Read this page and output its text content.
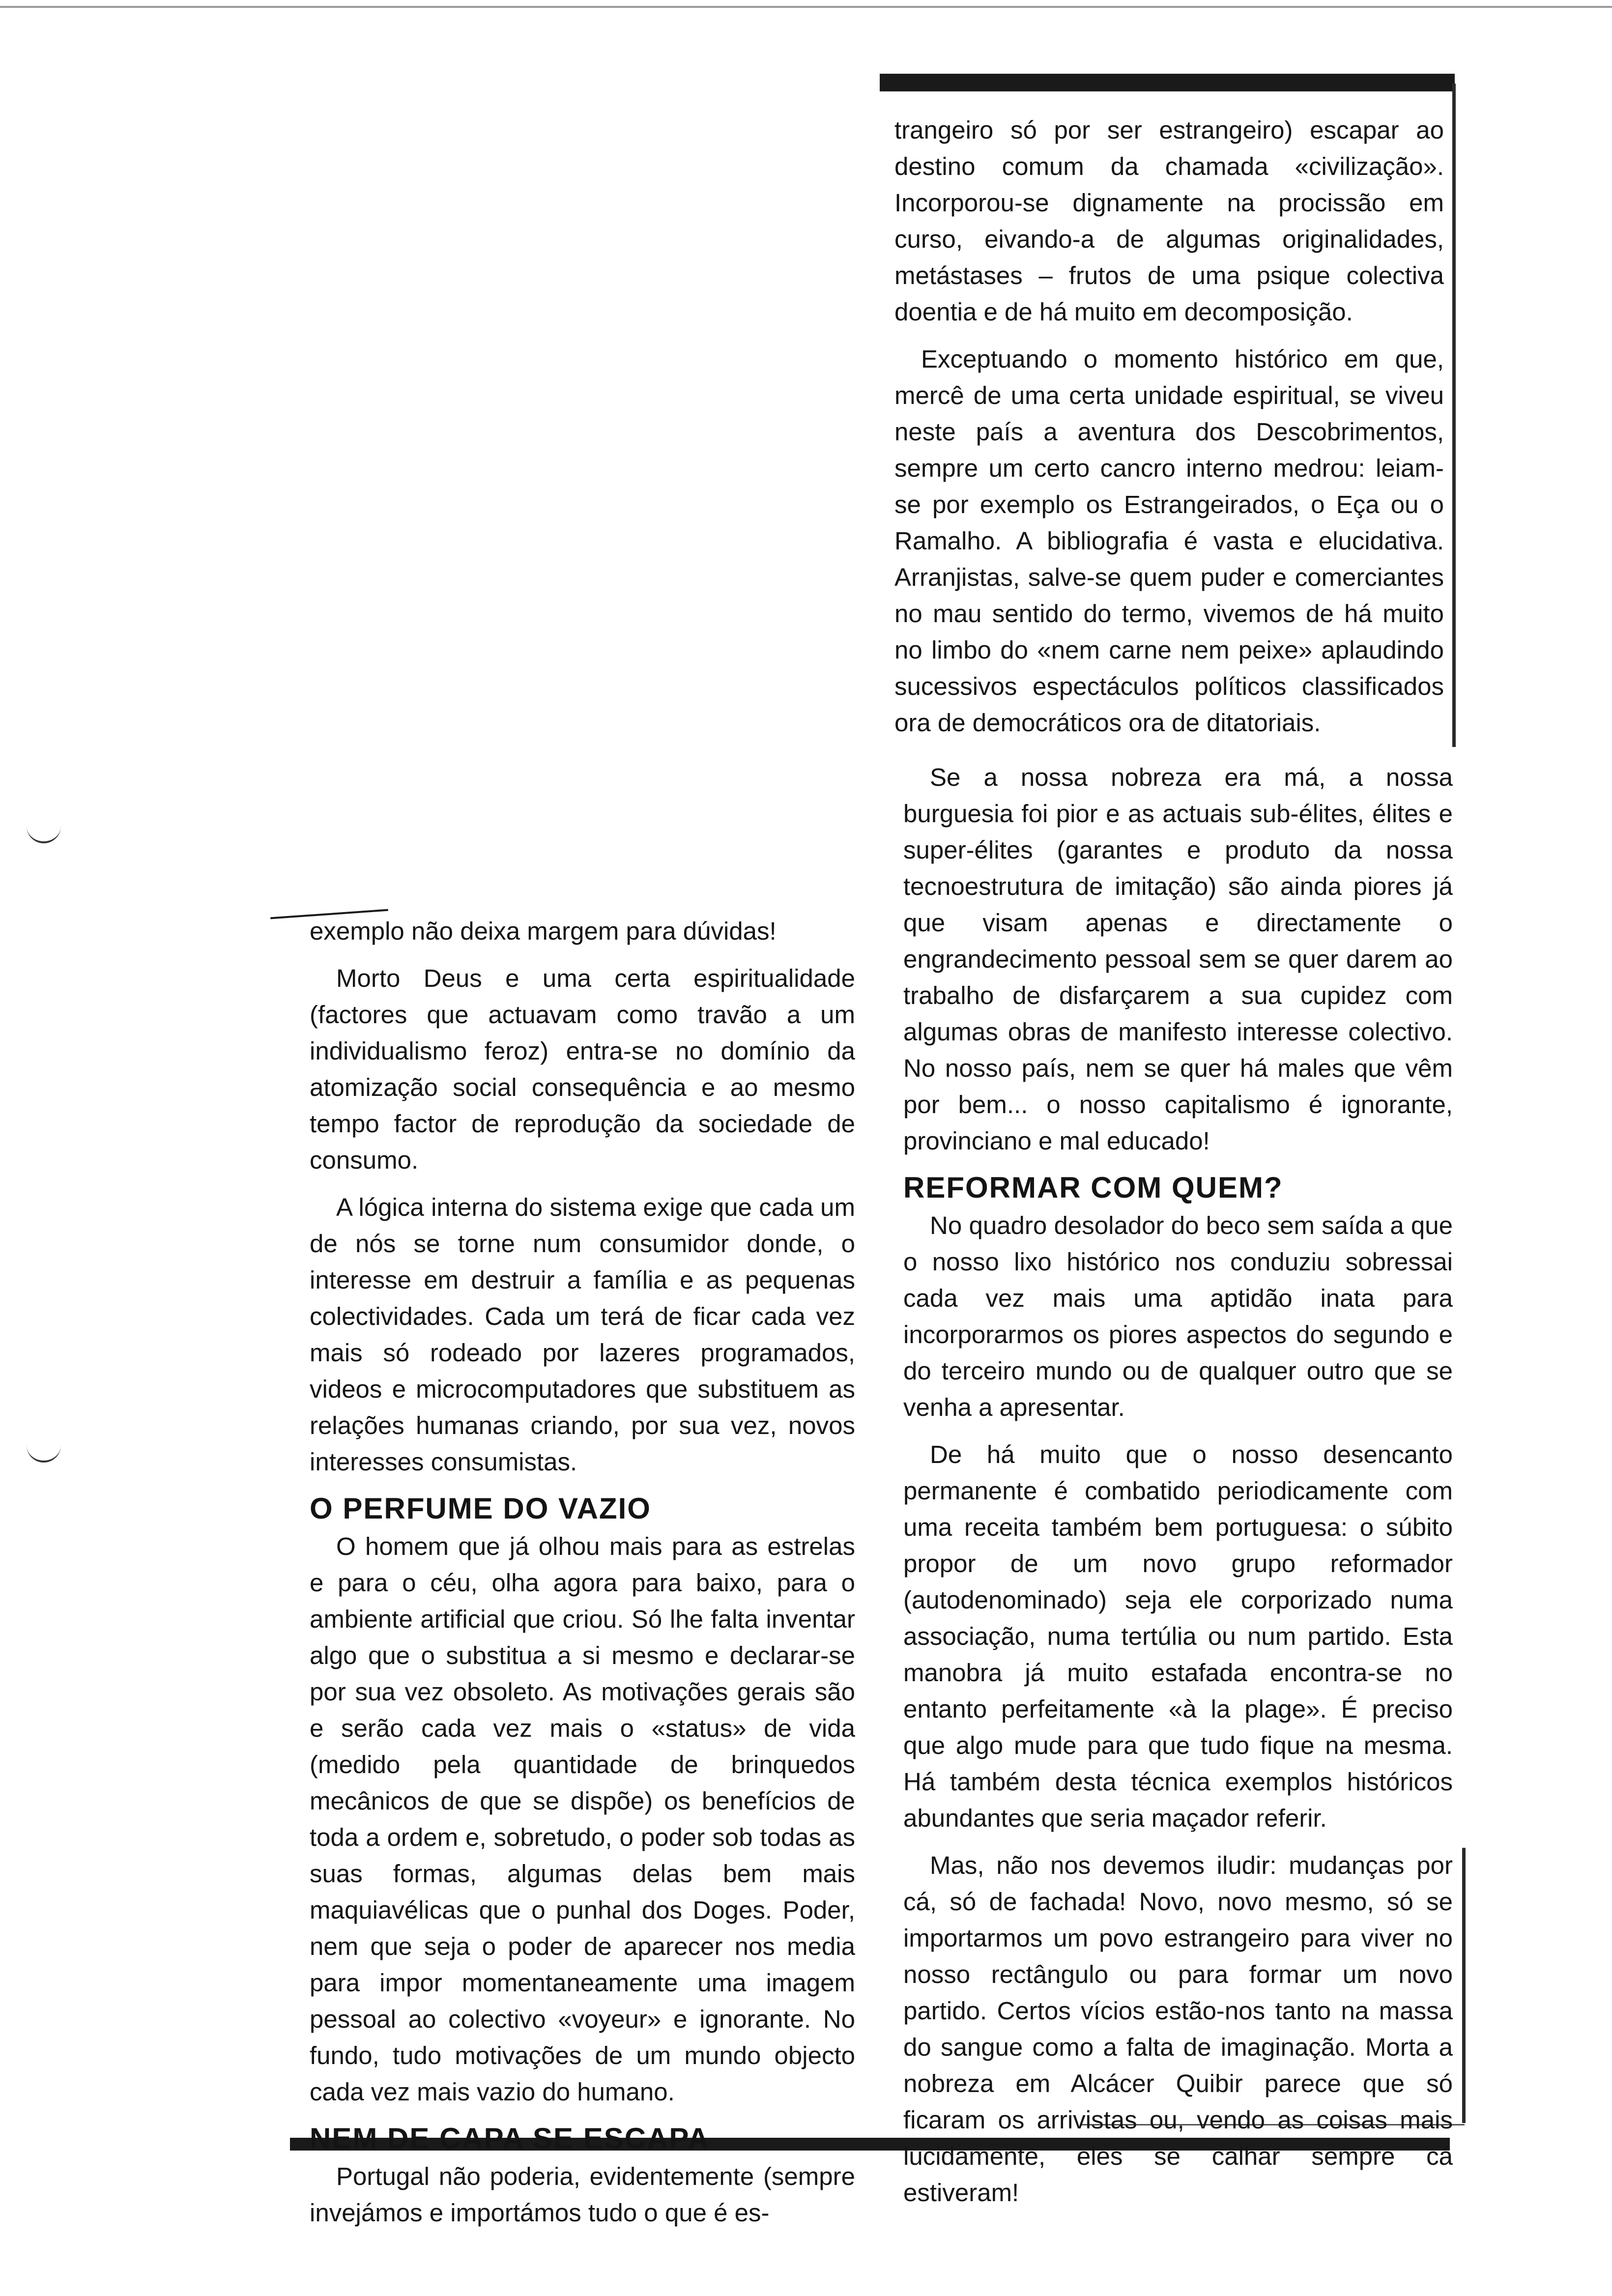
exemplo não deixa margem para dúvidas!

Morto Deus e uma certa espiritualidade (factores que actuavam como travão a um individualismo feroz) entra-se no domínio da atomização social consequência e ao mesmo tempo factor de reprodução da sociedade de consumo.

A lógica interna do sistema exige que cada um de nós se torne num consumidor donde, o interesse em destruir a família e as pequenas colectividades. Cada um terá de ficar cada vez mais só rodeado por lazeres programados, videos e microcomputadores que substituem as relações humanas criando, por sua vez, novos interesses consumistas.

O PERFUME DO VAZIO

O homem que já olhou mais para as estrelas e para o céu, olha agora para baixo, para o ambiente artificial que criou. Só lhe falta inventar algo que o substitua a si mesmo e declarar-se por sua vez obsoleto. As motivações gerais são e serão cada vez mais o «status» de vida (medido pela quantidade de brinquedos mecânicos de que se dispõe) os benefícios de toda a ordem e, sobretudo, o poder sob todas as suas formas, algumas delas bem mais maquiavélicas que o punhal dos Doges. Poder, nem que seja o poder de aparecer nos media para impor momentaneamente uma imagem pessoal ao colectivo «voyeur» e ignorante. No fundo, tudo motivações de um mundo objecto cada vez mais vazio do humano.

NEM DE CAPA SE ESCAPA

Portugal não poderia, evidentemente (sempre invejámos e importámos tudo o que é es-

trangeiro só por ser estrangeiro) escapar ao destino comum da chamada «civilização». Incorporou-se dignamente na procissão em curso, eivando-a de algumas originalidades, metástases – frutos de uma psique colectiva doentia e de há muito em decomposição.

Exceptuando o momento histórico em que, mercê de uma certa unidade espiritual, se viveu neste país a aventura dos Descobrimentos, sempre um certo cancro interno medrou: leiam-se por exemplo os Estrangeirados, o Eça ou o Ramalho. A bibliografia é vasta e elucidativa. Arranjistas, salve-se quem puder e comerciantes no mau sentido do termo, vivemos de há muito no limbo do «nem carne nem peixe» aplaudindo sucessivos espectáculos políticos classificados ora de democráticos ora de ditatoriais.

Se a nossa nobreza era má, a nossa burguesia foi pior e as actuais sub-élites, élites e super-élites (garantes e produto da nossa tecnoestrutura de imitação) são ainda piores já que visam apenas e directamente o engrandecimento pessoal sem se quer darem ao trabalho de disfarçarem a sua cupidez com algumas obras de manifesto interesse colectivo. No nosso país, nem se quer há males que vêm por bem... o nosso capitalismo é ignorante, provinciano e mal educado!

REFORMAR COM QUEM?

No quadro desolador do beco sem saída a que o nosso lixo histórico nos conduziu sobressai cada vez mais uma aptidão inata para incorporarmos os piores aspectos do segundo e do terceiro mundo ou de qualquer outro que se venha a apresentar.

De há muito que o nosso desencanto permanente é combatido periodicamente com uma receita também bem portuguesa: o súbito propor de um novo grupo reformador (autodenominado) seja ele corporizado numa associação, numa tertúlia ou num partido. Esta manobra já muito estafada encontra-se no entanto perfeitamente «à la plage». É preciso que algo mude para que tudo fique na mesma. Há também desta técnica exemplos históricos abundantes que seria maçador referir.

Mas, não nos devemos iludir: mudanças por cá, só de fachada! Novo, novo mesmo, só se importarmos um povo estrangeiro para viver no nosso rectângulo ou para formar um novo partido. Certos vícios estão-nos tanto na massa do sangue como a falta de imaginação. Morta a nobreza em Alcácer Quibir parece que só ficaram os arrivistas ou, vendo as coisas mais lucidamente, eles se calhar sempre cá estiveram!
